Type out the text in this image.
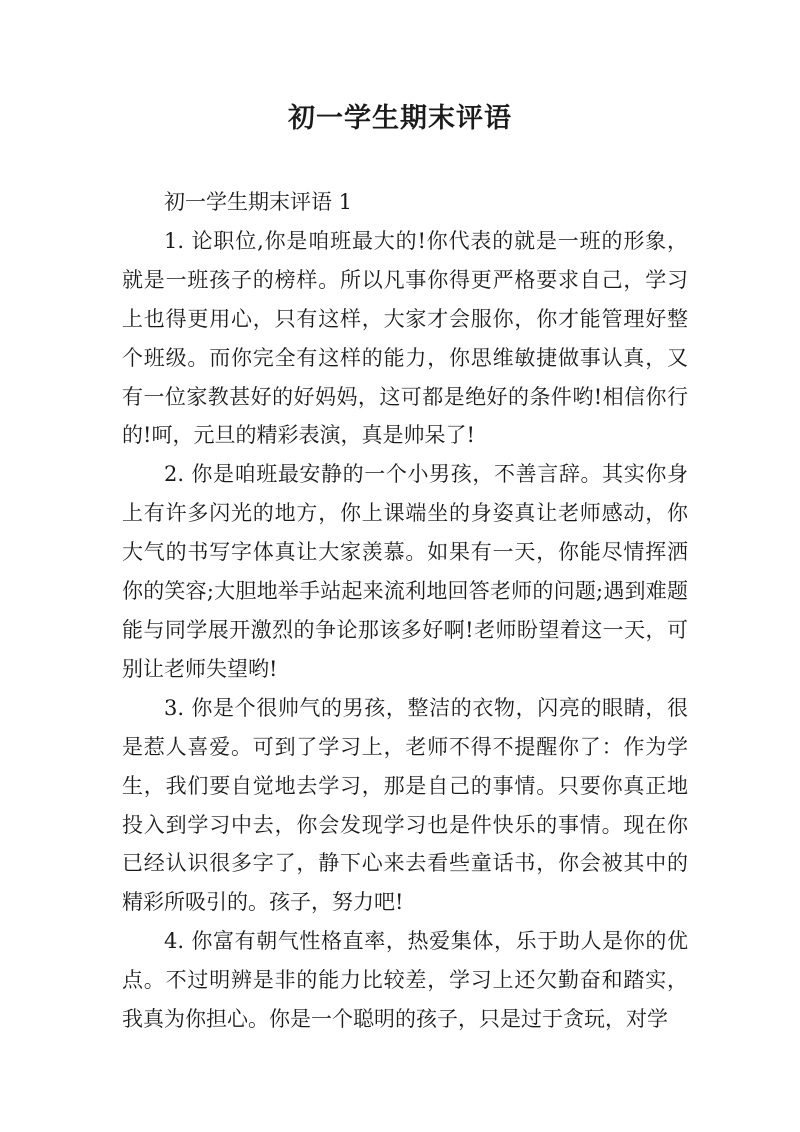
初一学生期末评语

初一学生期末评语 1

1. 论职位,你是咱班最大的!你代表的就是一班的形象，就是一班孩子的榜样。所以凡事你得更严格要求自己，学习上也得更用心，只有这样，大家才会服你，你才能管理好整个班级。而你完全有这样的能力，你思维敏捷做事认真，又有一位家教甚好的好妈妈，这可都是绝好的条件哟!相信你行的!呵，元旦的精彩表演，真是帅呆了!

2. 你是咱班最安静的一个小男孩，不善言辞。其实你身上有许多闪光的地方，你上课端坐的身姿真让老师感动，你大气的书写字体真让大家羡慕。如果有一天，你能尽情挥洒你的笑容;大胆地举手站起来流利地回答老师的问题;遇到难题能与同学展开激烈的争论那该多好啊!老师盼望着这一天，可别让老师失望哟!

3. 你是个很帅气的男孩，整洁的衣物，闪亮的眼睛，很是惹人喜爱。可到了学习上，老师不得不提醒你了：作为学生，我们要自觉地去学习，那是自己的事情。只要你真正地投入到学习中去，你会发现学习也是件快乐的事情。现在你已经认识很多字了，静下心来去看些童话书，你会被其中的精彩所吸引的。孩子，努力吧!

4. 你富有朝气性格直率，热爱集体，乐于助人是你的优点。不过明辨是非的能力比较差，学习上还欠勤奋和踏实，我真为你担心。你是一个聪明的孩子，只是过于贪玩，对学
